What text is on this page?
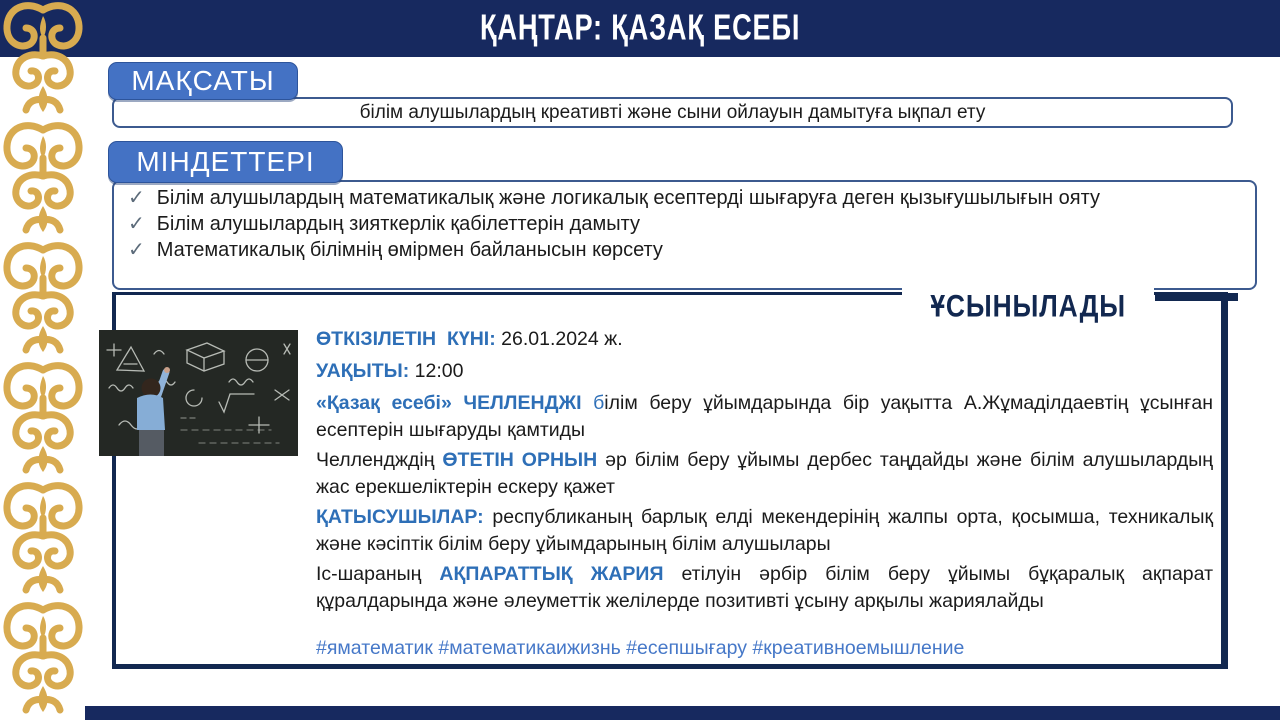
ҚАҢТАР: ҚАЗАҚ ЕСЕБІ
МАҚСАТЫ
білім алушылардың креативті және сыни ойлауын дамытуға ықпал ету
МІНДЕТТЕРІ
✓ Білім алушылардың математикалық және логикалық есептерді шығаруға деген қызығушылығын ояту
✓ Білім алушылардың зияткерлік қабілеттерін дамыту
✓ Математикалық білімнің өмірмен байланысын көрсету
ҰСЫНЫЛАДЫ
ӨТКІЗІЛЕТІН  КҮНІ: 26.01.2024 ж.
УАҚЫТЫ: 12:00

«Қазақ есебі» ЧЕЛЛЕНДЖІ білім беру ұйымдарында бір уақытта А.Жұмаділдаевтің ұсынған есептерін шығаруды қамтиды

Челлендждің ӨТЕТІН ОРНЫН әр білім беру ұйымы дербес таңдайды және білім алушылардың жас ерекшеліктерін ескеру қажет

ҚАТЫСУШЫЛАР: республиканың барлық елді мекендерінің жалпы орта, қосымша, техникалық және кәсіптік білім беру ұйымдарының білім алушылары

Іс-шараның АҚПАРАТТЫҚ ЖАРИЯ етілуін әрбір білім беру ұйымы бұқаралық ақпарат құралдарында және әлеуметтік желілерде позитивті ұсыну арқылы жариялайды

#яматематик #математикаижизнь #есепшығару #креативноемышление
